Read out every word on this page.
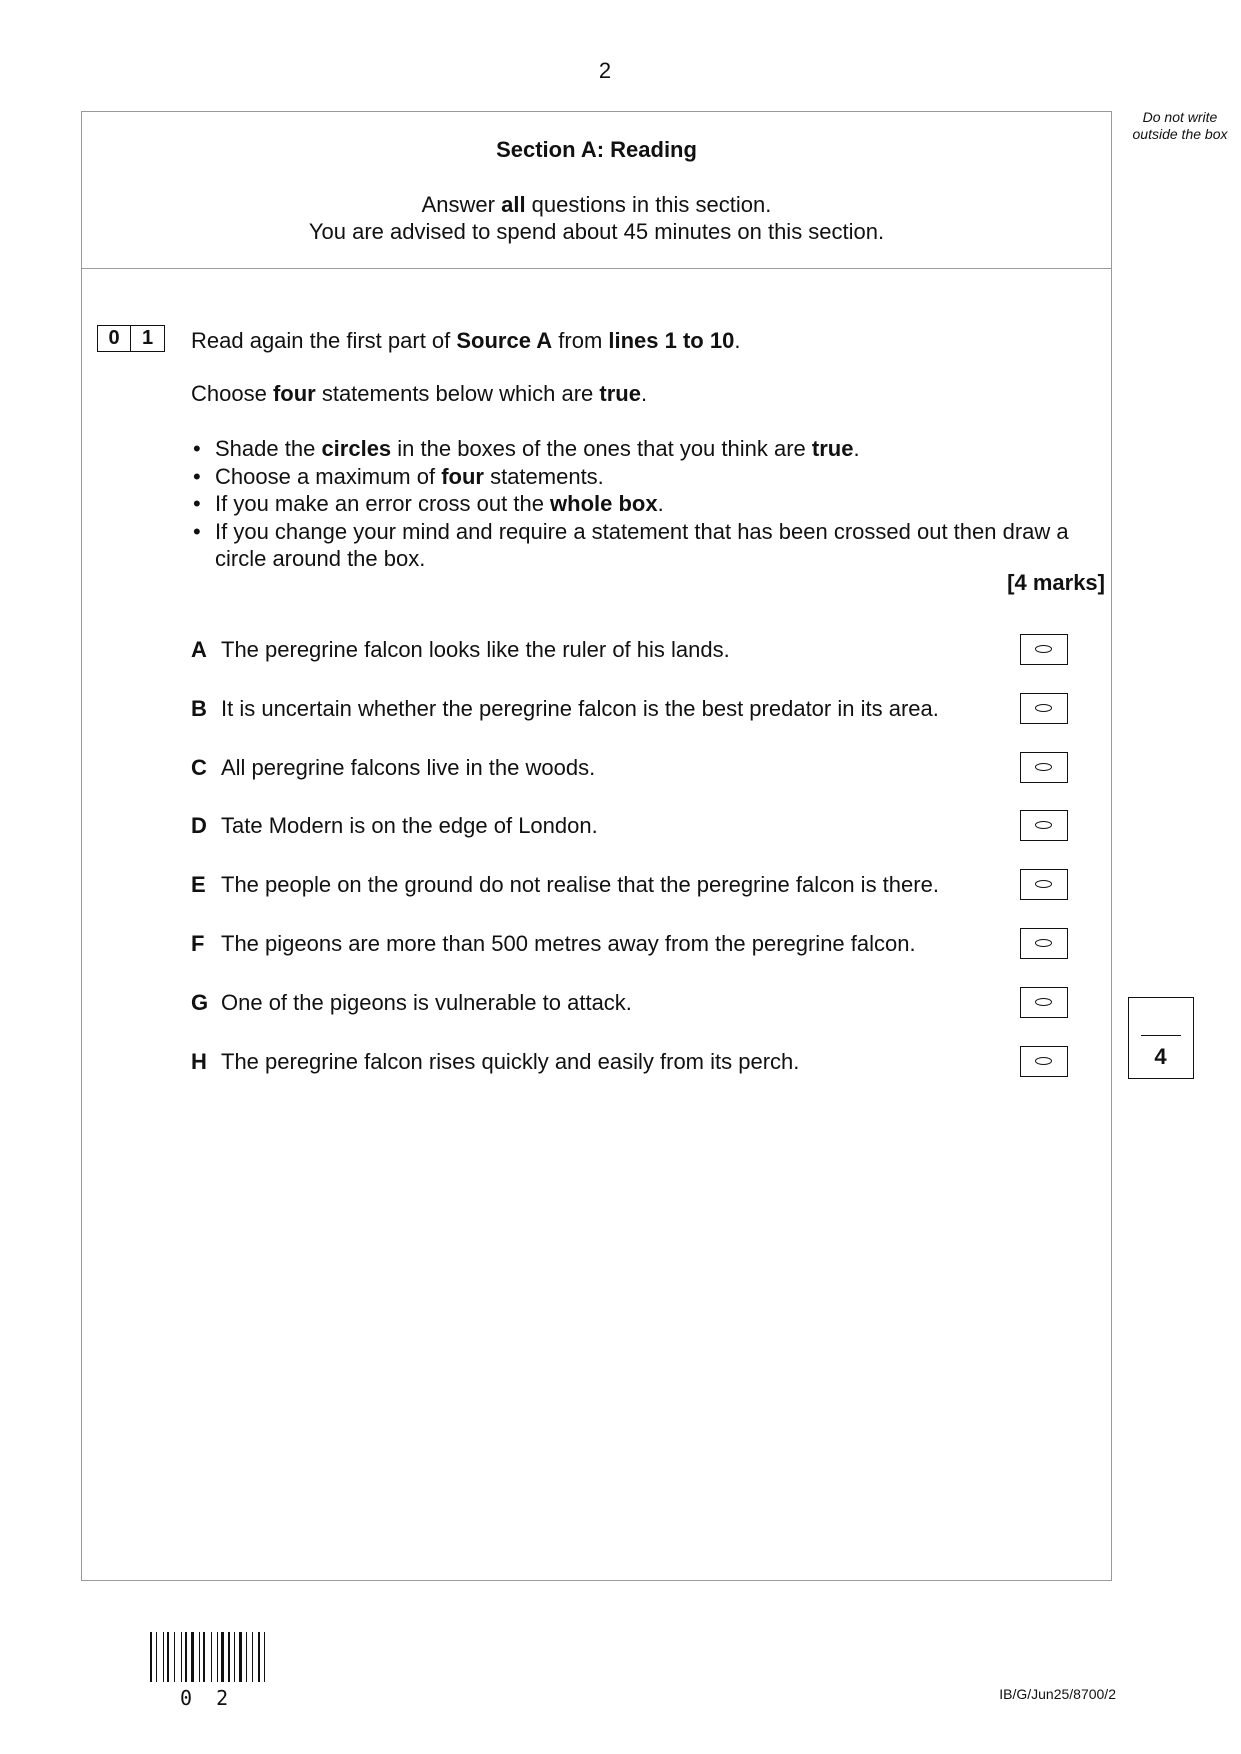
2
Do not write outside the box
Section A: Reading
Answer all questions in this section.
You are advised to spend about 45 minutes on this section.
0	1	Read again the first part of Source A from lines 1 to 10.
Choose four statements below which are true.
• Shade the circles in the boxes of the ones that you think are true.
• Choose a maximum of four statements.
• If you make an error cross out the whole box.
• If you change your mind and require a statement that has been crossed out then draw a circle around the box.
[4 marks]
A The peregrine falcon looks like the ruler of his lands.
B It is uncertain whether the peregrine falcon is the best predator in its area.
C All peregrine falcons live in the woods.
D Tate Modern is on the edge of London.
E The people on the ground do not realise that the peregrine falcon is there.
F The pigeons are more than 500 metres away from the peregrine falcon.
G One of the pigeons is vulnerable to attack.
H The peregrine falcon rises quickly and easily from its perch.	4
0 2	IB/G/Jun25/8700/2
